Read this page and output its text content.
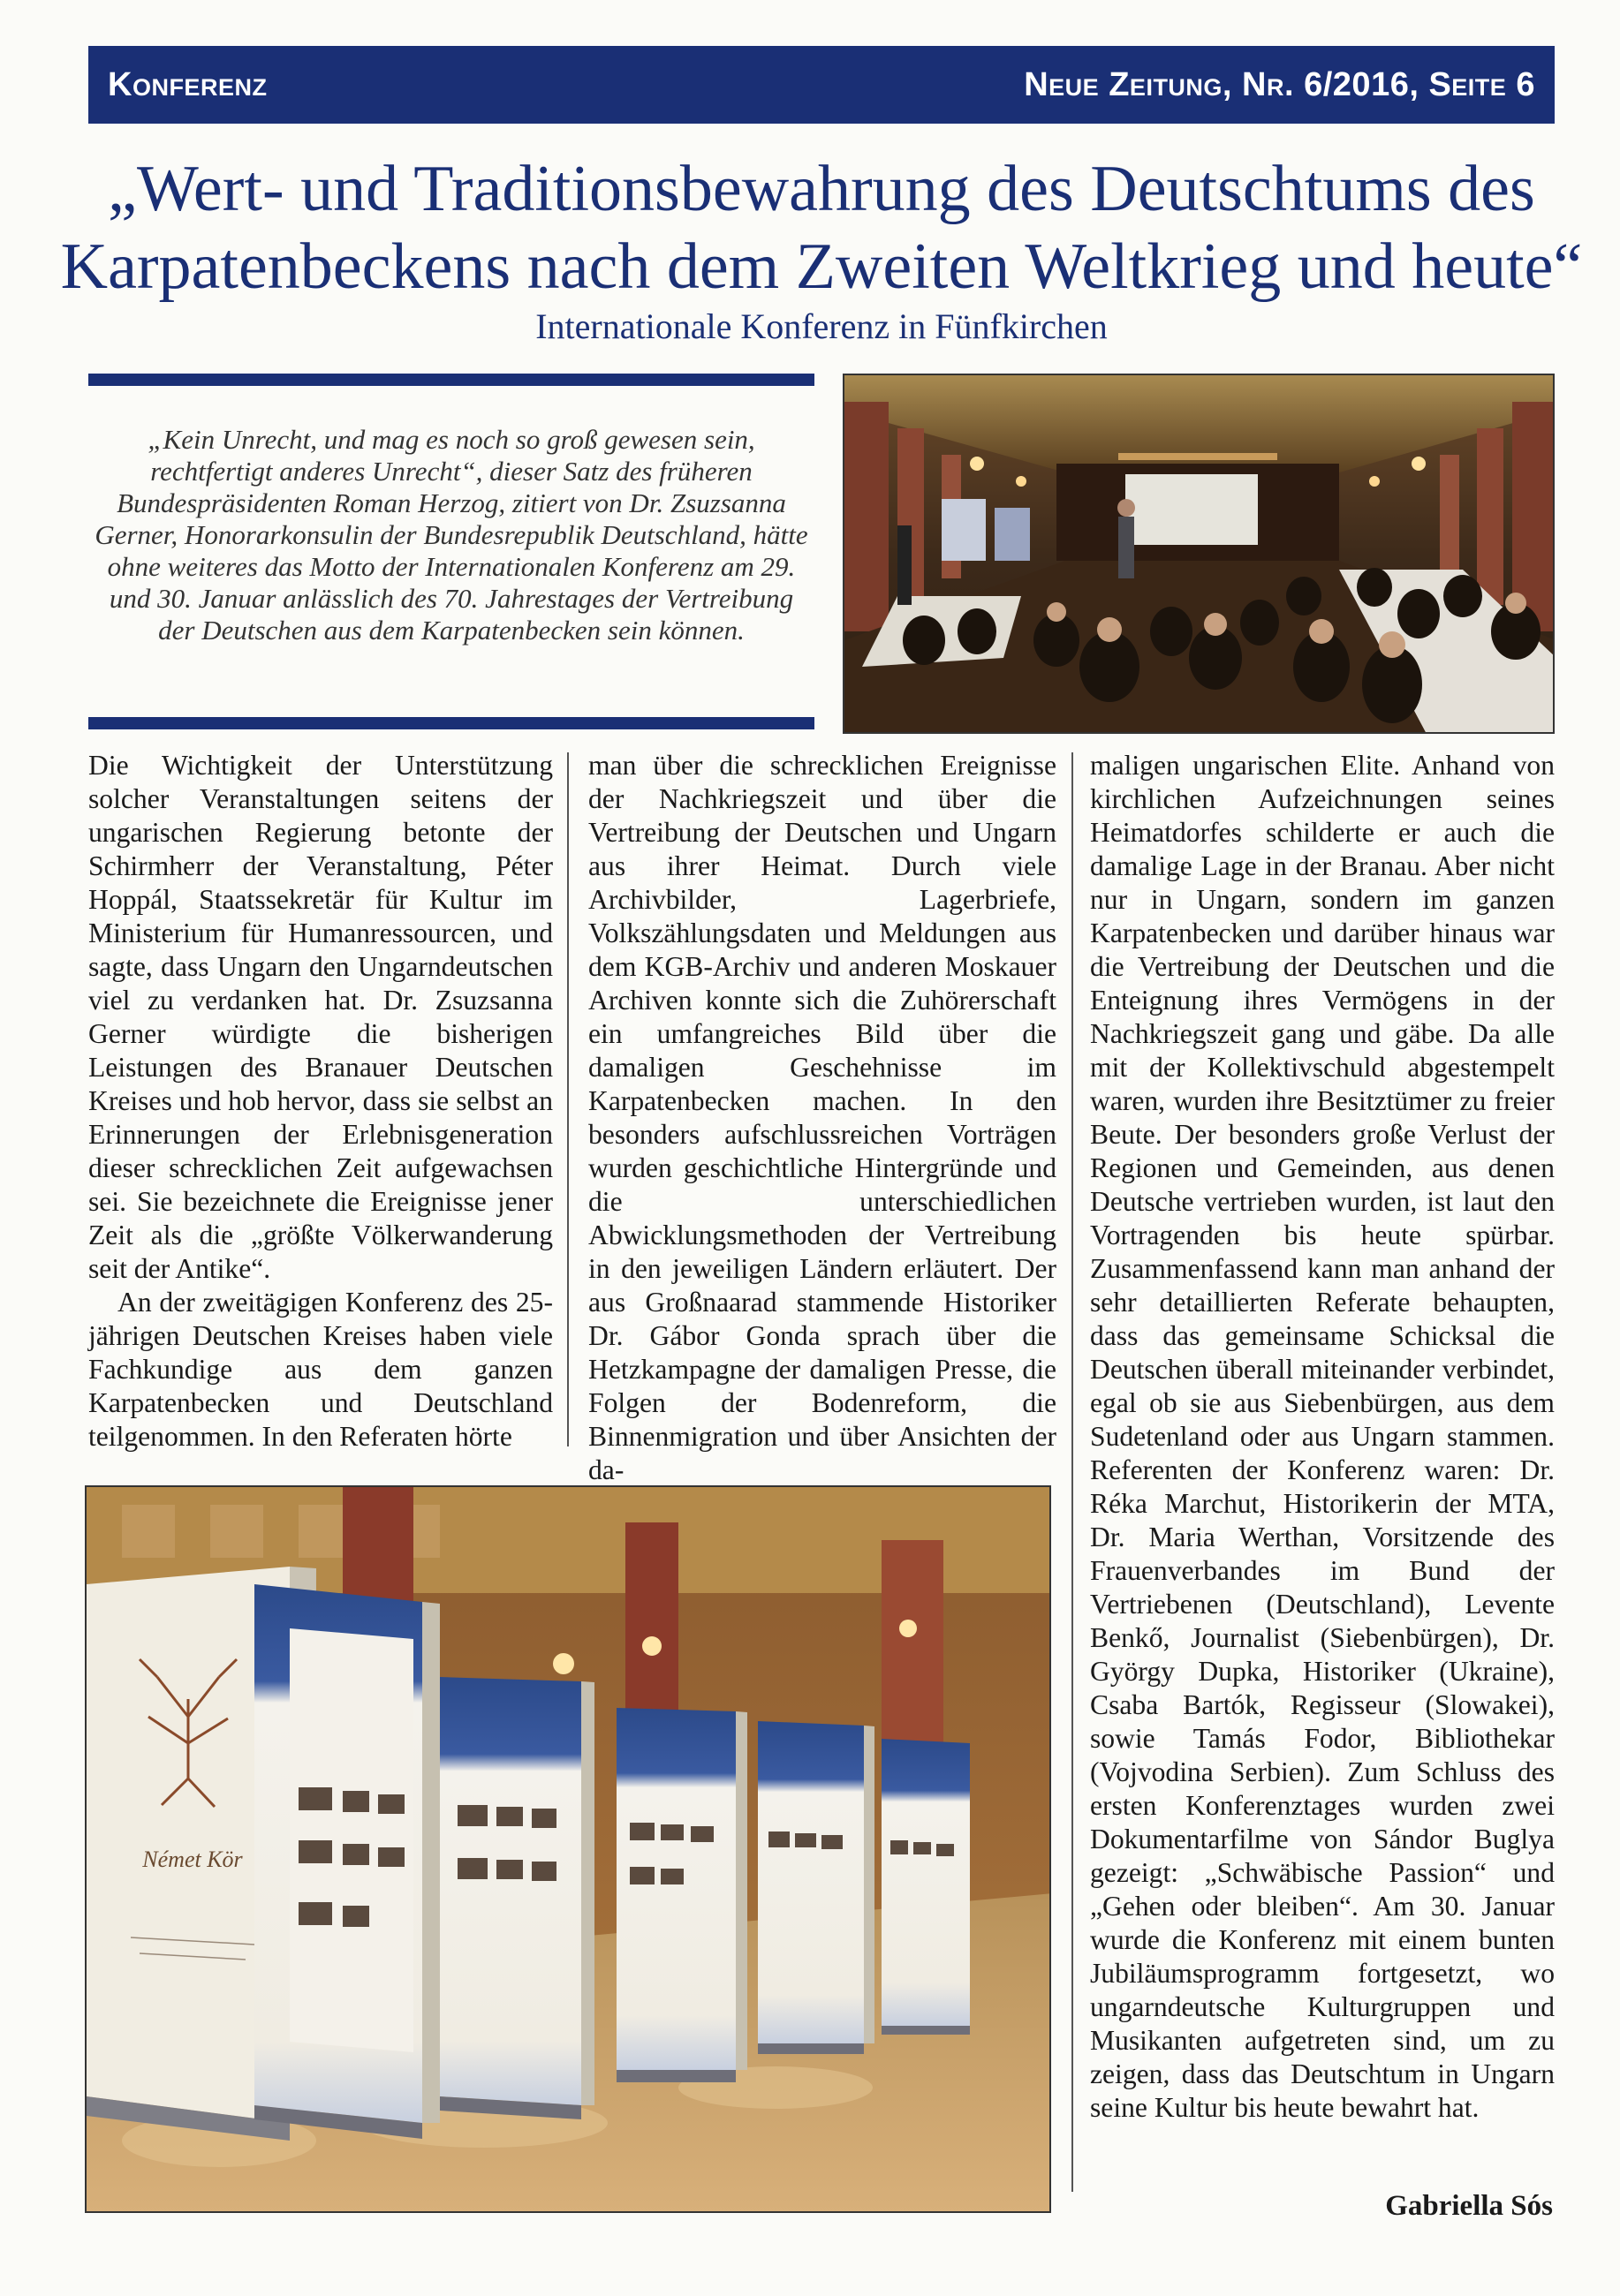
Konferenz	Neue Zeitung, Nr. 6/2016, Seite 6
„Wert- und Traditionsbewahrung des Deutschtums des
Karpatenbeckens nach dem Zweiten Weltkrieg und heute“
Internationale Konferenz in Fünfkirchen
„Kein Unrecht, und mag es noch so groß gewesen sein, rechtfertigt anderes Unrecht“, dieser Satz des früheren Bundespräsidenten Roman Herzog, zitiert von Dr. Zsuzsanna Gerner, Honorarkonsulin der Bundesrepublik Deutschland, hätte ohne weiteres das Motto der Internationalen Konferenz am 29. und 30. Januar anlässlich des 70. Jahrestages der Vertreibung der Deutschen aus dem Karpatenbecken sein können.

Die Wichtigkeit der Unterstützung solcher Veranstaltungen seitens der ungarischen Regierung betonte der Schirmherr der Veranstaltung, Péter Hoppál, Staatssekretär für Kultur im Ministerium für Humanressourcen, und sagte, dass Ungarn den Ungarndeutschen viel zu verdanken hat. Dr. Zsuzsanna Gerner würdigte die bisherigen Leistungen des Branauer Deutschen Kreises und hob hervor, dass sie selbst an Erinnerungen der Erlebnisgeneration dieser schrecklichen Zeit aufgewachsen sei. Sie bezeichnete die Ereignisse jener Zeit als die „größte Völkerwanderung seit der Antike“.

An der zweitägigen Konferenz des 25-jährigen Deutschen Kreises haben viele Fachkundige aus dem ganzen Karpatenbecken und Deutschland teilgenommen. In den Referaten hörte

man über die schrecklichen Ereignisse der Nachkriegszeit und über die Vertreibung der Deutschen und Ungarn aus ihrer Heimat. Durch viele Archivbilder, Lagerbriefe, Volkszählungsdaten und Meldungen aus dem KGB-Archiv und anderen Moskauer Archiven konnte sich die Zuhörerschaft ein umfangreiches Bild über die damaligen Geschehnisse im Karpatenbecken machen. In den besonders aufschlussreichen Vorträgen wurden geschichtliche Hintergründe und die unterschiedlichen Abwicklungsmethoden der Vertreibung in den jeweiligen Ländern erläutert. Der aus Großnaarad stammende Historiker Dr. Gábor Gonda sprach über die Hetzkampagne der damaligen Presse, die Folgen der Bodenreform, die Binnenmigration und über Ansichten der da-

maligen ungarischen Elite. Anhand von kirchlichen Aufzeichnungen seines Heimatdorfes schilderte er auch die damalige Lage in der Branau. Aber nicht nur in Ungarn, sondern im ganzen Karpatenbecken und darüber hinaus war die Vertreibung der Deutschen und die Enteignung ihres Vermögens in der Nachkriegszeit gang und gäbe. Da alle mit der Kollektivschuld abgestempelt waren, wurden ihre Besitztümer zu freier Beute. Der besonders große Verlust der Regionen und Gemeinden, aus denen Deutsche vertrieben wurden, ist laut den Vortragenden bis heute spürbar. Zusammenfassend kann man anhand der sehr detaillierten Referate behaupten, dass das gemeinsame Schicksal die Deutschen überall miteinander verbindet, egal ob sie aus Siebenbürgen, aus dem Sudetenland oder aus Ungarn stammen. Referenten der Konferenz waren: Dr. Réka Marchut, Historikerin der MTA, Dr. Maria Werthan, Vorsitzende des Frauenverbandes im Bund der Vertriebenen (Deutschland), Levente Benkő, Journalist (Siebenbürgen), Dr. György Dupka, Historiker (Ukraine), Csaba Bartók, Regisseur (Slowakei), sowie Tamás Fodor, Bibliothekar (Vojvodina Serbien). Zum Schluss des ersten Konferenztages wurden zwei Dokumentarfilme von Sándor Buglya gezeigt: „Schwäbische Passion“ und „Gehen oder bleiben“. Am 30. Januar wurde die Konferenz mit einem bunten Jubiläumsprogramm fortgesetzt, wo ungarndeutsche Kulturgruppen und Musikanten aufgetreten sind, um zu zeigen, dass das Deutschtum in Ungarn seine Kultur bis heute bewahrt hat.

Német Kör
Gabriella Sós
